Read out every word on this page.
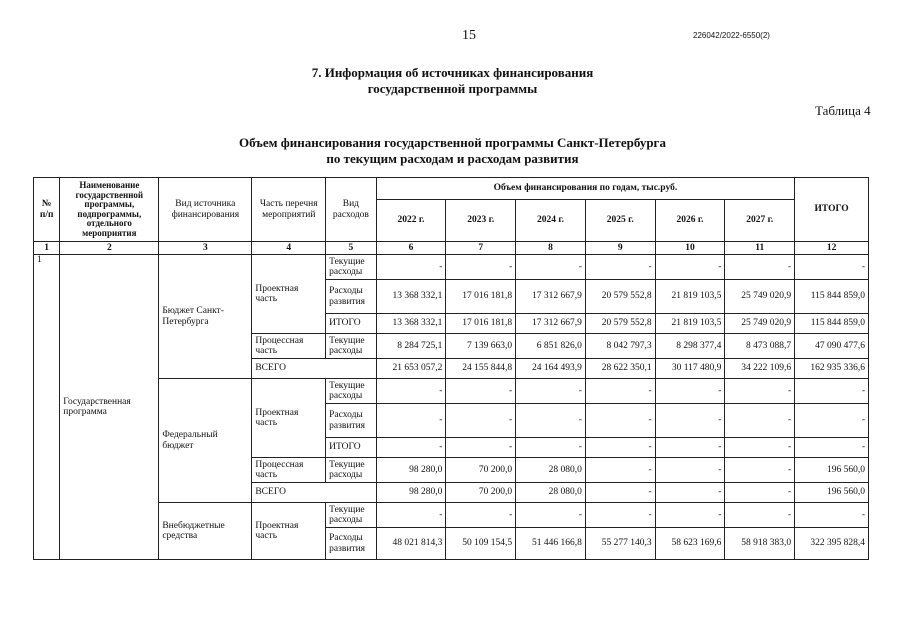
15	226042/2022-6550(2)
7. Информация об источниках финансирования
государственной программы
Таблица 4
Объем финансирования государственной программы Санкт-Петербурга
по текущим расходам и расходам развития
№ п/п	Наименование государственной программы, подпрограммы, отдельного мероприятия	Вид источника финансирования	Часть перечня мероприятий	Вид расходов	Объем финансирования по годам, тыс.руб.						ИТОГО
					2022 г.	2023 г.	2024 г.	2025 г.	2026 г.	2027 г.	
1	2	3	4	5	6	7	8	9	10	11	12
1	Государственная программа	Бюджет Санкт-Петербурга	Проектная часть	Текущие расходы	-	-	-	-	-	-	-
				Расходы развития	13 368 332,1	17 016 181,8	17 312 667,9	20 579 552,8	21 819 103,5	25 749 020,9	115 844 859,0
				ИТОГО	13 368 332,1	17 016 181,8	17 312 667,9	20 579 552,8	21 819 103,5	25 749 020,9	115 844 859,0
			Процессная часть	Текущие расходы	8 284 725,1	7 139 663,0	6 851 826,0	8 042 797,3	8 298 377,4	8 473 088,7	47 090 477,6
			ВСЕГО		21 653 057,2	24 155 844,8	24 164 493,9	28 622 350,1	30 117 480,9	34 222 109,6	162 935 336,6
		Федеральный бюджет	Проектная часть	Текущие расходы	-	-	-	-	-	-	-
				Расходы развития	-	-	-	-	-	-	-
				ИТОГО	-	-	-	-	-	-	-
			Процессная часть	Текущие расходы	98 280,0	70 200,0	28 080,0	-	-	-	196 560,0
			ВСЕГО		98 280,0	70 200,0	28 080,0	-	-	-	196 560,0
		Внебюджетные средства	Проектная часть	Текущие расходы	-	-	-	-	-	-	-
				Расходы развития	48 021 814,3	50 109 154,5	51 446 166,8	55 277 140,3	58 623 169,6	58 918 383,0	322 395 828,4
